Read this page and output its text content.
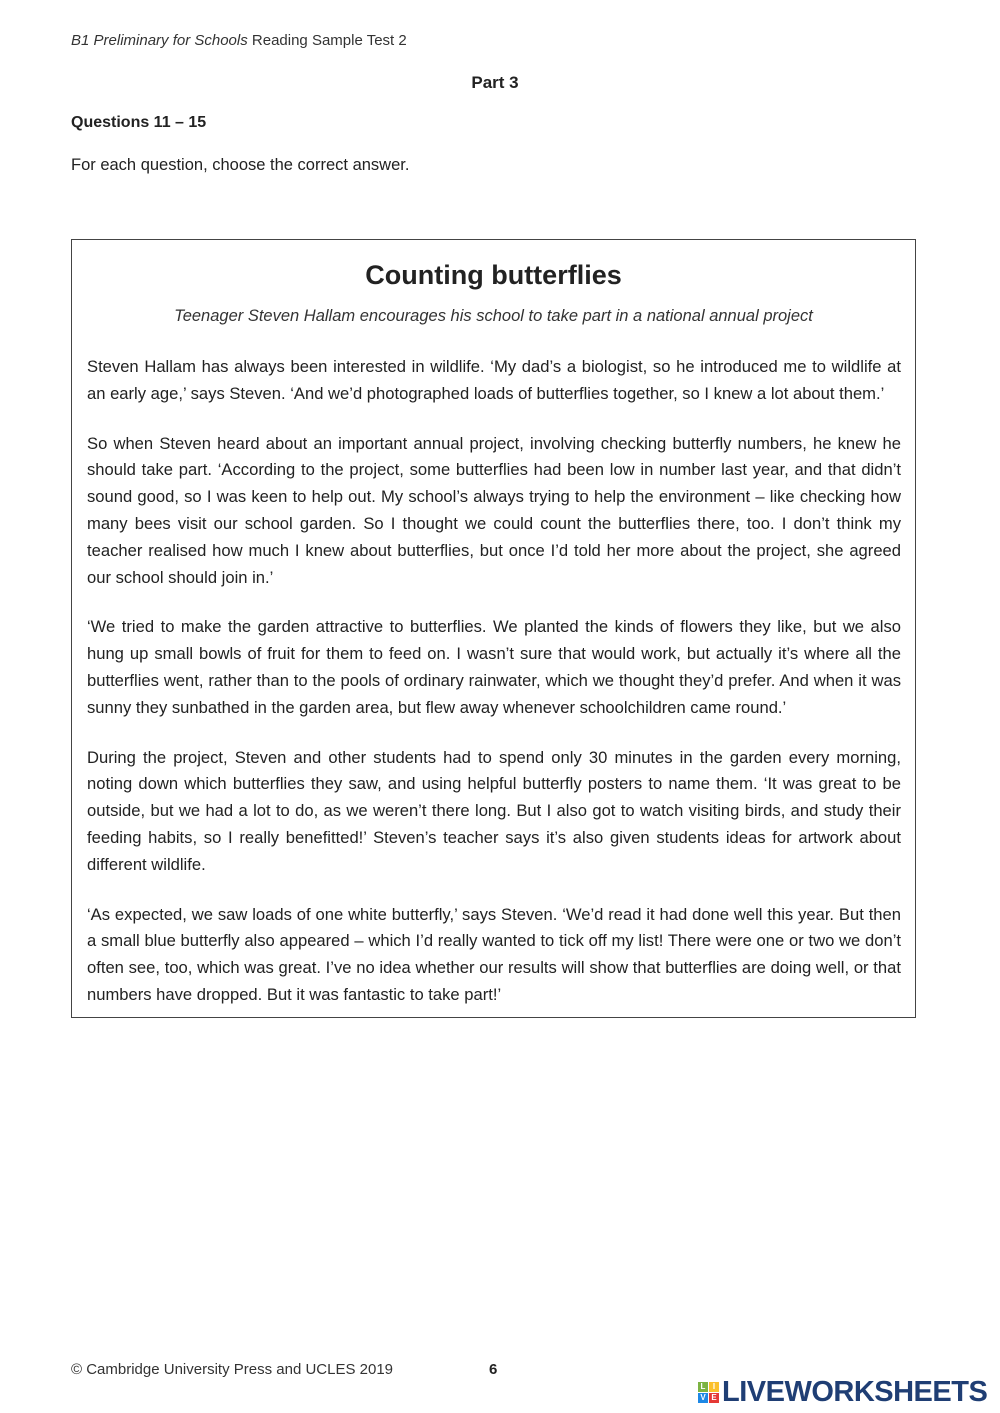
B1 Preliminary for Schools Reading Sample Test 2
Part 3
Questions 11 – 15
For each question, choose the correct answer.
Counting butterflies
Teenager Steven Hallam encourages his school to take part in a national annual project

Steven Hallam has always been interested in wildlife. ‘My dad’s a biologist, so he introduced me to wildlife at an early age,’ says Steven. ‘And we’d photographed loads of butterflies together, so I knew a lot about them.’

So when Steven heard about an important annual project, involving checking butterfly numbers, he knew he should take part. ‘According to the project, some butterflies had been low in number last year, and that didn’t sound good, so I was keen to help out. My school’s always trying to help the environment – like checking how many bees visit our school garden. So I thought we could count the butterflies there, too. I don’t think my teacher realised how much I knew about butterflies, but once I’d told her more about the project, she agreed our school should join in.’

‘We tried to make the garden attractive to butterflies. We planted the kinds of flowers they like, but we also hung up small bowls of fruit for them to feed on. I wasn’t sure that would work, but actually it’s where all the butterflies went, rather than to the pools of ordinary rainwater, which we thought they’d prefer. And when it was sunny they sunbathed in the garden area, but flew away whenever schoolchildren came round.’

During the project, Steven and other students had to spend only 30 minutes in the garden every morning, noting down which butterflies they saw, and using helpful butterfly posters to name them. ‘It was great to be outside, but we had a lot to do, as we weren’t there long. But I also got to watch visiting birds, and study their feeding habits, so I really benefitted!’ Steven’s teacher says it’s also given students ideas for artwork about different wildlife.

‘As expected, we saw loads of one white butterfly,’ says Steven. ‘We’d read it had done well this year. But then a small blue butterfly also appeared – which I’d really wanted to tick off my list! There were one or two we don’t often see, too, which was great. I’ve no idea whether our results will show that butterflies are doing well, or that numbers have dropped. But it was fantastic to take part!’

© Cambridge University Press and UCLES 2019	6
L I
V E LIVEWORKSHEETS
